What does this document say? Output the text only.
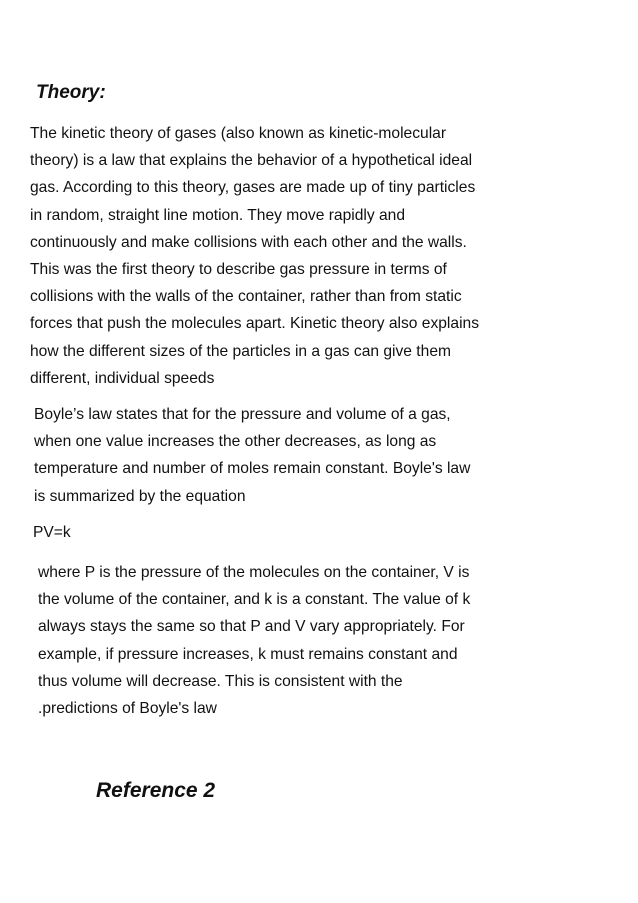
Theory:

The kinetic theory of gases (also known as kinetic-molecular
theory) is a law that explains the behavior of a hypothetical ideal
gas. According to this theory, gases are made up of tiny particles
in random, straight line motion. They move rapidly and
continuously and make collisions with each other and the walls.
This was the first theory to describe gas pressure in terms of
collisions with the walls of the container, rather than from static
forces that push the molecules apart. Kinetic theory also explains
how the different sizes of the particles in a gas can give them
different, individual speeds

Boyle’s law states that for the pressure and volume of a gas,
when one value increases the other decreases, as long as
temperature and number of moles remain constant. Boyle's law
is summarized by the equation

PV=k

where P is the pressure of the molecules on the container, V is
the volume of the container, and k is a constant. The value of k
always stays the same so that P and V vary appropriately. For
example, if pressure increases, k must remains constant and
thus volume will decrease. This is consistent with the
.predictions of Boyle's law

Reference 2
